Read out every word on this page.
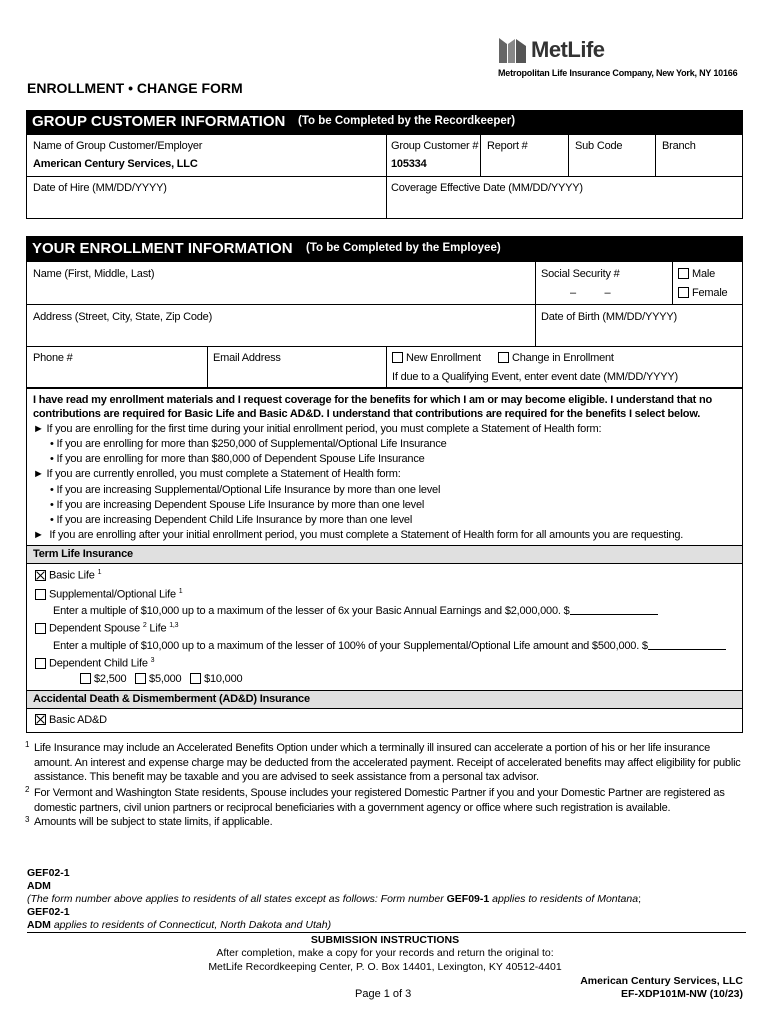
MetLife
Metropolitan Life Insurance Company, New York, NY 10166
ENROLLMENT • CHANGE FORM
GROUP CUSTOMER INFORMATION (To be Completed by the Recordkeeper)
Name of Group Customer/Employer
American Century Services, LLC
Group Customer #
105334
Report #	Sub Code	Branch
Date of Hire (MM/DD/YYYY)	Coverage Effective Date (MM/DD/YYYY)
YOUR ENROLLMENT INFORMATION (To be Completed by the Employee)
Name (First, Middle, Last)	Social Security #
–          –
Male
Female
Address (Street, City, State, Zip Code)	Date of Birth (MM/DD/YYYY)
Phone #	Email Address	New Enrollment	Change in Enrollment
If due to a Qualifying Event, enter event date (MM/DD/YYYY)
I have read my enrollment materials and I request coverage for the benefits for which I am or may become eligible. I understand that no contributions are required for Basic Life and Basic AD&D. I understand that contributions are required for the benefits I select below.
► If you are enrolling for the first time during your initial enrollment period, you must complete a Statement of Health form:
• If you are enrolling for more than $250,000 of Supplemental/Optional Life Insurance
• If you are enrolling for more than $80,000 of Dependent Spouse Life Insurance
► If you are currently enrolled, you must complete a Statement of Health form:
• If you are increasing Supplemental/Optional Life Insurance by more than one level
• If you are increasing Dependent Spouse Life Insurance by more than one level
• If you are increasing Dependent Child Life Insurance by more than one level
► If you are enrolling after your initial enrollment period, you must complete a Statement of Health form for all amounts you are requesting.
Term Life Insurance
Basic Life $^1$
Supplemental/Optional Life $^1$
Enter a multiple of $10,000 up to a maximum of the lesser of 6x your Basic Annual Earnings and $2,000,000. $
Dependent Spouse $^2$ Life $^{1,3}$
Enter a multiple of $10,000 up to a maximum of the lesser of 100% of your Supplemental/Optional Life amount and $500,000. $
Dependent Child Life $^3$
$2,500 $5,000 $10,000
Accidental Death & Dismemberment (AD&D) Insurance
Basic AD&D
1 Life Insurance may include an Accelerated Benefits Option under which a terminally ill insured can accelerate a portion of his or her life insurance amount. An interest and expense charge may be deducted from the accelerated payment. Receipt of accelerated benefits may affect eligibility for public assistance. This benefit may be taxable and you are advised to seek assistance from a personal tax advisor.
2 For Vermont and Washington State residents, Spouse includes your registered Domestic Partner if you and your Domestic Partner are registered as domestic partners, civil union partners or reciprocal beneficiaries with a government agency or office where such registration is available.
3 Amounts will be subject to state limits, if applicable.
GEF02-1
ADM
(The form number above applies to residents of all states except as follows: Form number GEF09-1 applies to residents of Montana;
GEF02-1
ADM applies to residents of Connecticut, North Dakota and Utah)
SUBMISSION INSTRUCTIONS
After completion, make a copy for your records and return the original to:
MetLife Recordkeeping Center, P. O. Box 14401, Lexington, KY 40512-4401
Page 1 of 3
American Century Services, LLC
EF-XDP101M-NW (10/23)
